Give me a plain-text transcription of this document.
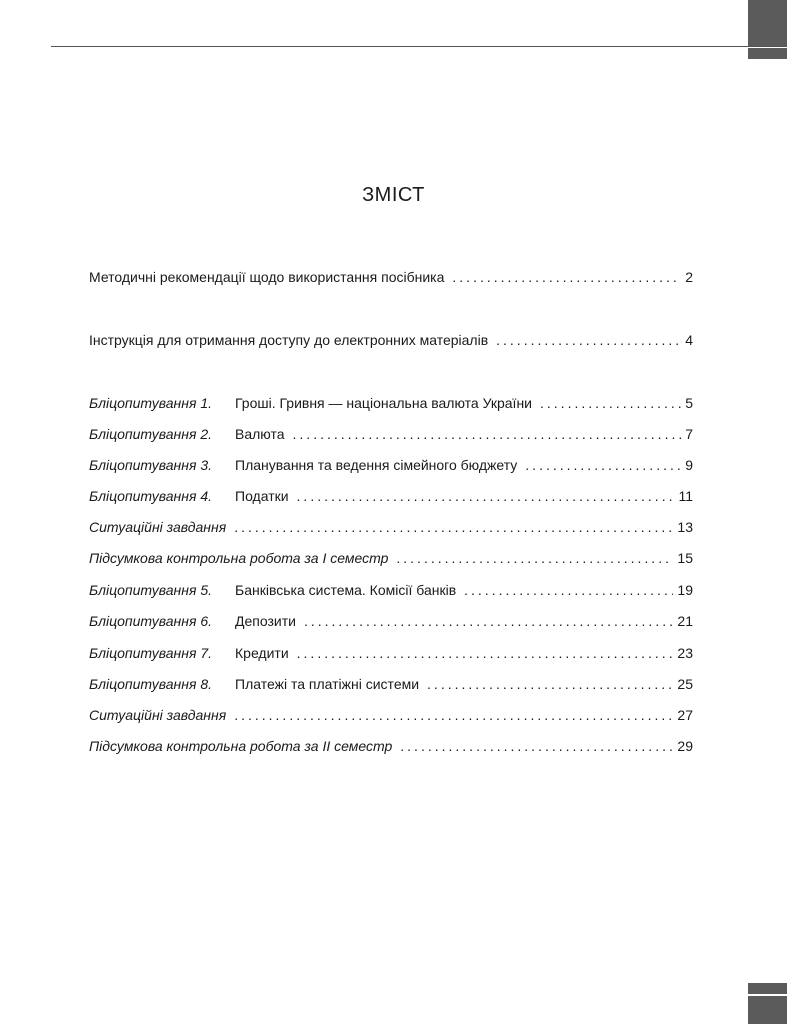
ЗМІСТ
Методичні рекомендації щодо використання посібника .....	2
Інструкція для отримання доступу до електронних матеріалів .....	4
Бліцопитування 1.	Гроші. Гривня — національна валюта України .....	5
Бліцопитування 2.	Валюта .....	7
Бліцопитування 3.	Планування та ведення сімейного бюджету .....	9
Бліцопитування 4.	Податки .....	11
Ситуаційні завдання .....	13
Підсумкова контрольна робота за І семестр .....	15
Бліцопитування 5.	Банківська система. Комісії банків .....	19
Бліцопитування 6.	Депозити .....	21
Бліцопитування 7.	Кредити .....	23
Бліцопитування 8.	Платежі та платіжні системи .....	25
Ситуаційні завдання .....	27
Підсумкова контрольна робота за ІІ семестр .....	29
